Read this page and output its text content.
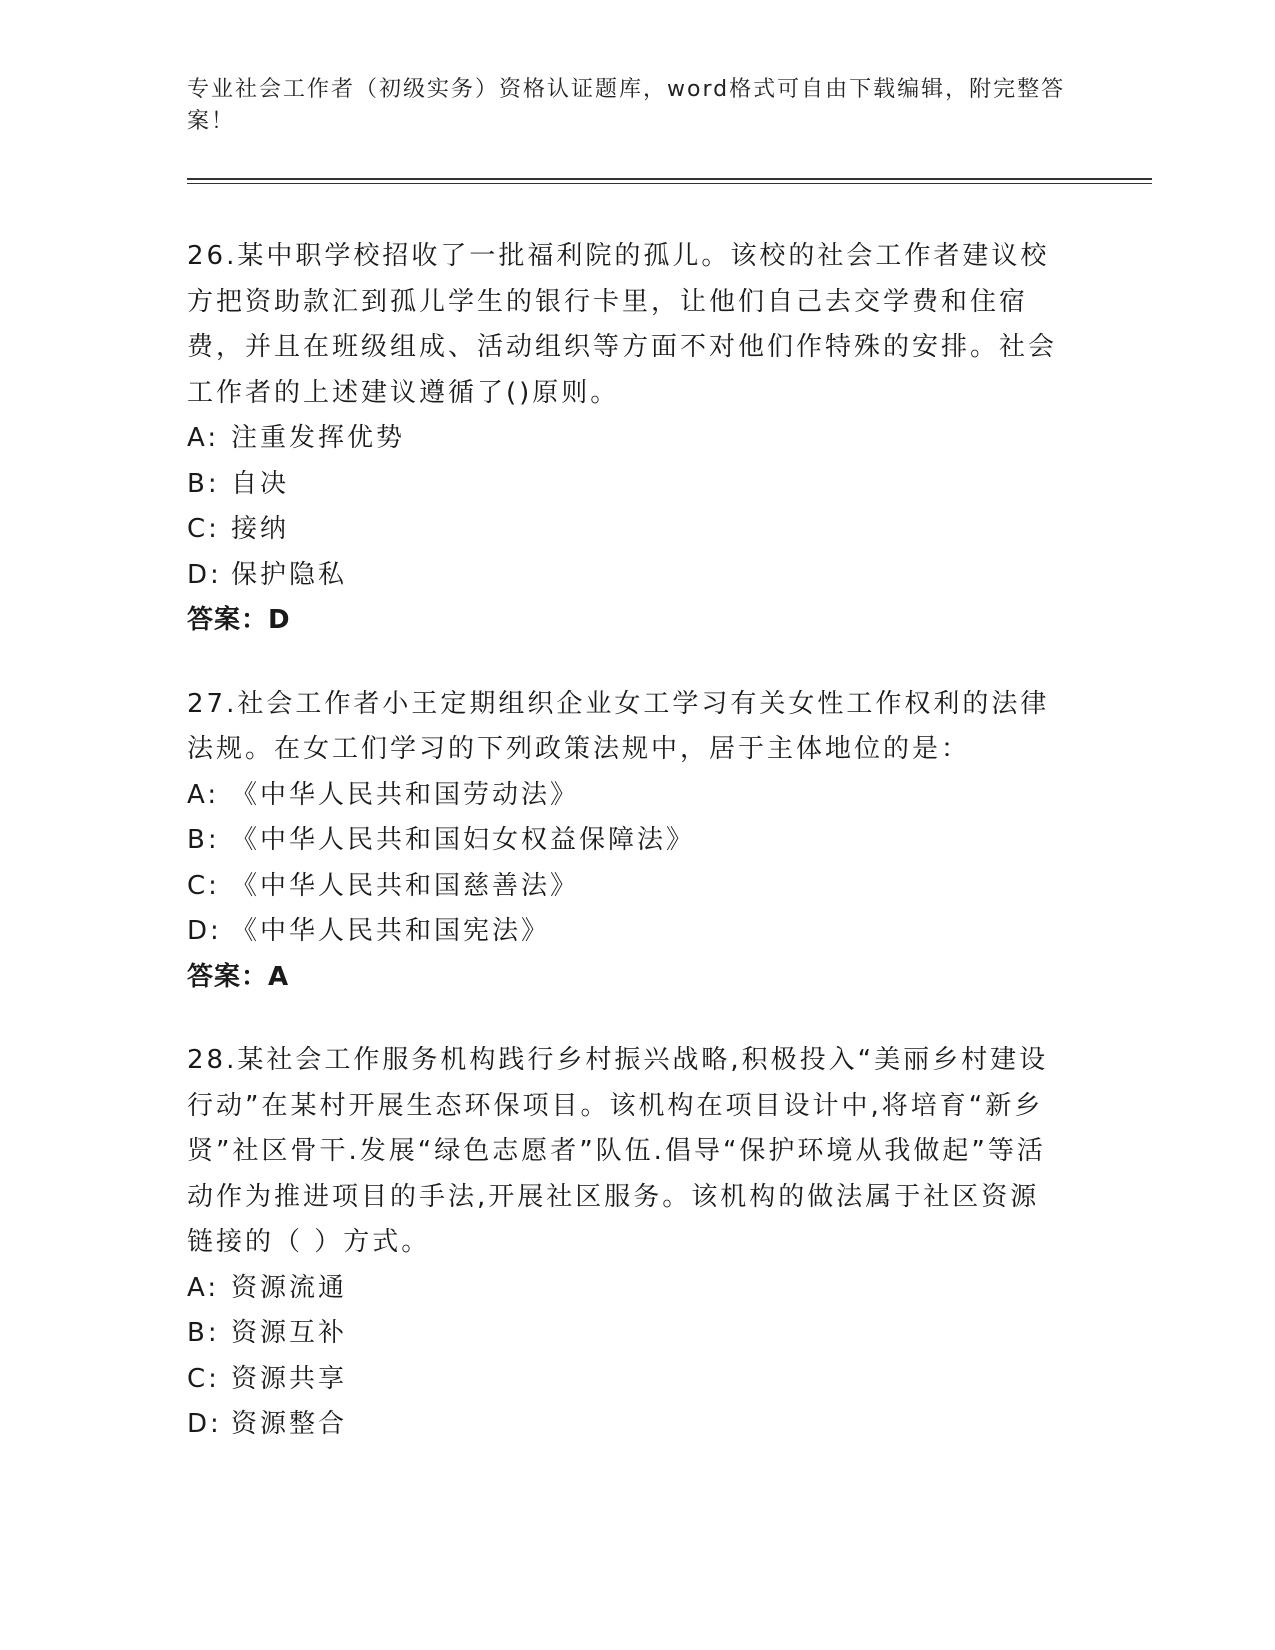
专业社会工作者（初级实务）资格认证题库，word格式可自由下载编辑，附完整答案！

26.某中职学校招收了一批福利院的孤儿。该校的社会工作者建议校方把资助款汇到孤儿学生的银行卡里，让他们自己去交学费和住宿费，并且在班级组成、活动组织等方面不对他们作特殊的安排。社会工作者的上述建议遵循了()原则。

A: 注重发挥优势

B: 自决

C: 接纳

D: 保护隐私

答案：D

27.社会工作者小王定期组织企业女工学习有关女性工作权利的法律法规。在女工们学习的下列政策法规中，居于主体地位的是：

A: 《中华人民共和国劳动法》

B: 《中华人民共和国妇女权益保障法》

C: 《中华人民共和国慈善法》

D: 《中华人民共和国宪法》

答案：A

28.某社会工作服务机构践行乡村振兴战略,积极投入“美丽乡村建设行动”在某村开展生态环保项目。该机构在项目设计中,将培育“新乡贤”社区骨干.发展“绿色志愿者”队伍.倡导“保护环境从我做起”等活动作为推进项目的手法,开展社区服务。该机构的做法属于社区资源链接的（ ）方式。

A: 资源流通

B: 资源互补

C: 资源共享

D: 资源整合
